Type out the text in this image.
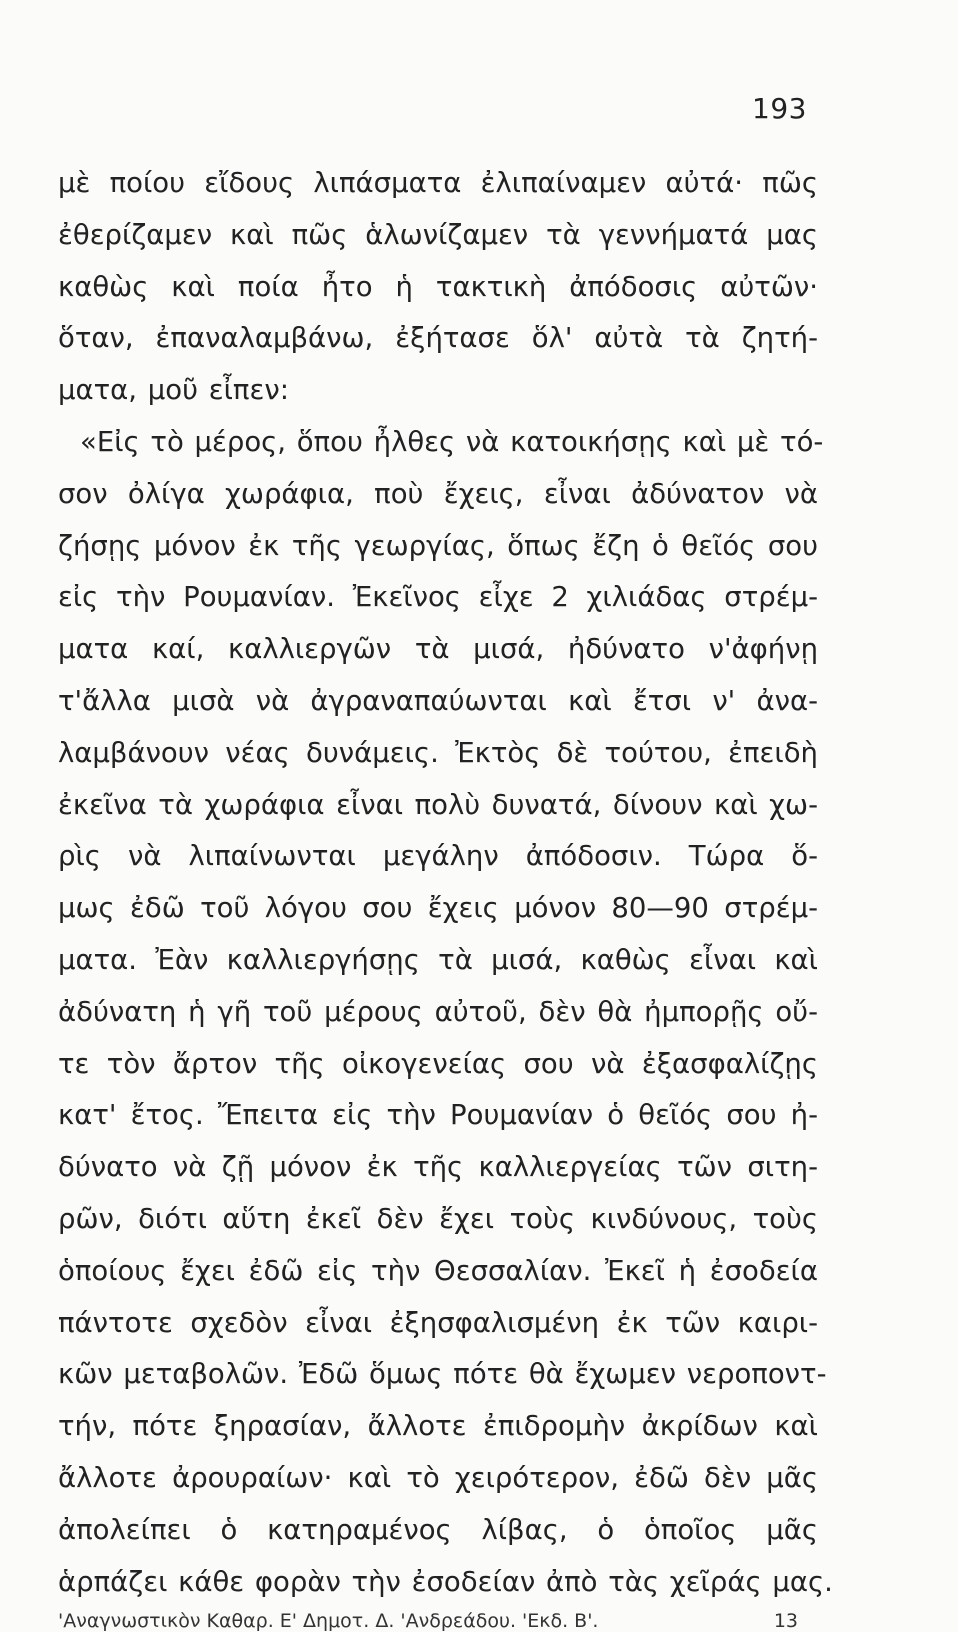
193
μὲ ποίου εἴδους λιπάσματα ἐλιπαίναμεν αὐτά· πῶς
ἐθερίζαμεν καὶ πῶς ἁλωνίζαμεν τὰ γεννήματά μας
καθὼς καὶ ποία ἦτο ἡ τακτικὴ ἀπόδοσις αὐτῶν·
ὅταν, ἐπαναλαμβάνω, ἐξήτασε ὅλ' αὐτὰ τὰ ζητή-
ματα, μοῦ εἶπεν:
«Εἰς τὸ μέρος, ὅπου ἦλθες νὰ κατοικήσῃς καὶ μὲ τό-
σον ὀλίγα χωράφια, ποὺ ἔχεις, εἶναι ἀδύνατον νὰ
ζήσῃς μόνον ἐκ τῆς γεωργίας, ὅπως ἔζη ὁ θεῖός σου
εἰς τὴν Ρουμανίαν. Ἐκεῖνος εἶχε 2 χιλιάδας στρέμ-
ματα καί, καλλιεργῶν τὰ μισά, ἠδύνατο ν'ἀφήνῃ
τ'ἄλλα μισὰ νὰ ἀγραναπαύωνται καὶ ἔτσι ν' ἀνα-
λαμβάνουν νέας δυνάμεις. Ἐκτὸς δὲ τούτου, ἐπειδὴ
ἐκεῖνα τὰ χωράφια εἶναι πολὺ δυνατά, δίνουν καὶ χω-
ρὶς νὰ λιπαίνωνται μεγάλην ἀπόδοσιν. Τώρα ὅ-
μως ἐδῶ τοῦ λόγου σου ἔχεις μόνον 80—90 στρέμ-
ματα. Ἐὰν καλλιεργήσῃς τὰ μισά, καθὼς εἶναι καὶ
ἀδύνατη ἡ γῆ τοῦ μέρους αὐτοῦ, δὲν θὰ ἠμπορῇς οὔ-
τε τὸν ἄρτον τῆς οἰκογενείας σου νὰ ἐξασφαλίζῃς
κατ' ἔτος. Ἔπειτα εἰς τὴν Ρουμανίαν ὁ θεῖός σου ἠ-
δύνατο νὰ ζῇ μόνον ἐκ τῆς καλλιεργείας τῶν σιτη-
ρῶν, διότι αὕτη ἐκεῖ δὲν ἔχει τοὺς κινδύνους, τοὺς
ὁποίους ἔχει ἐδῶ εἰς τὴν Θεσσαλίαν. Ἐκεῖ ἡ ἐσοδεία
πάντοτε σχεδὸν εἶναι ἐξησφαλισμένη ἐκ τῶν καιρι-
κῶν μεταβολῶν. Ἐδῶ ὅμως πότε θὰ ἔχωμεν νεροποντ-
τήν, πότε ξηρασίαν, ἄλλοτε ἐπιδρομὴν ἀκρίδων καὶ
ἄλλοτε ἀρουραίων· καὶ τὸ χειρότερον, ἐδῶ δὲν μᾶς
ἀπολείπει ὁ κατηραμένος λίβας, ὁ ὁποῖος μᾶς
ἁρπάζει κάθε φορὰν τὴν ἐσοδείαν ἀπὸ τὰς χεῖράς μας.
'Αναγνωστικὸν Καθαρ. Ε' Δημοτ. Δ. 'Ανδρεάδου. 'Εκδ. Β'.	13
